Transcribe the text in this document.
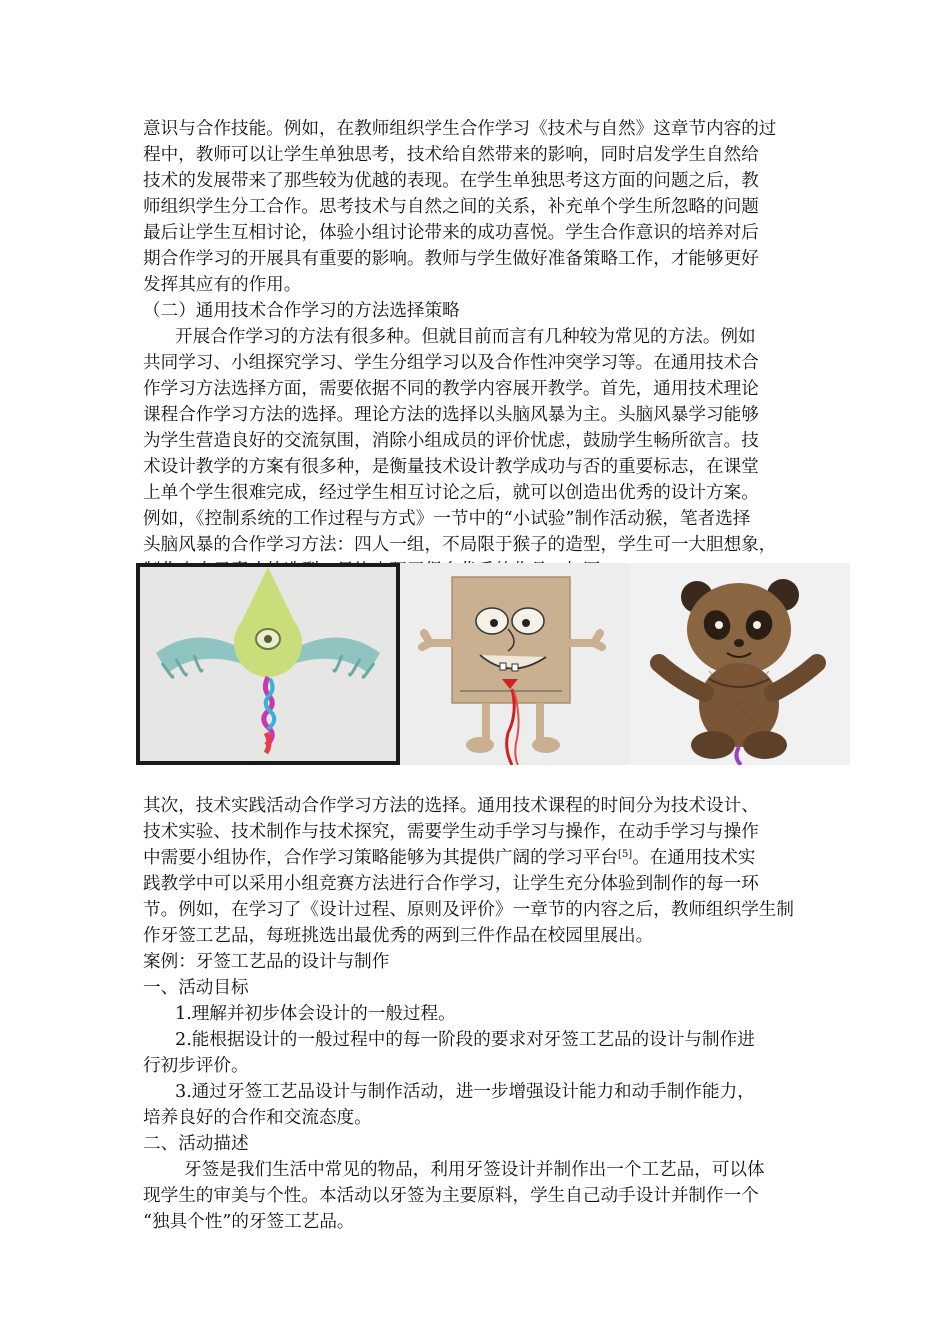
意识与合作技能。例如，在教师组织学生合作学习《技术与自然》这章节内容的过
程中，教师可以让学生单独思考，技术给自然带来的影响，同时启发学生自然给
技术的发展带来了那些较为优越的表现。在学生单独思考这方面的问题之后，教
师组织学生分工合作。思考技术与自然之间的关系，补充单个学生所忽略的问题
最后让学生互相讨论，体验小组讨论带来的成功喜悦。学生合作意识的培养对后
期合作学习的开展具有重要的影响。教师与学生做好准备策略工作，才能够更好
发挥其应有的作用。
（二）通用技术合作学习的方法选择策略
开展合作学习的方法有很多种。但就目前而言有几种较为常见的方法。例如
共同学习、小组探究学习、学生分组学习以及合作性冲突学习等。在通用技术合
作学习方法选择方面，需要依据不同的教学内容展开教学。首先，通用技术理论
课程合作学习方法的选择。理论方法的选择以头脑风暴为主。头脑风暴学习能够
为学生营造良好的交流氛围，消除小组成员的评价忧虑，鼓励学生畅所欲言。技
术设计教学的方案有很多种，是衡量技术设计教学成功与否的重要标志，在课堂
上单个学生很难完成，经过学生相互讨论之后，就可以创造出优秀的设计方案。
例如，《控制系统的工作过程与方式》一节中的“小试验”制作活动猴，笔者选择
头脑风暴的合作学习方法：四人一组，不局限于猴子的造型，学生可一大胆想象，
其次，技术实践活动合作学习方法的选择。通用技术课程的时间分为技术设计、
技术实验、技术制作与技术探究，需要学生动手学习与操作，在动手学习与操作
中需要小组协作，合作学习策略能够为其提供广阔的学习平台[5]。在通用技术实
践教学中可以采用小组竞赛方法进行合作学习，让学生充分体验到制作的每一环
节。例如，在学习了《设计过程、原则及评价》一章节的内容之后，教师组织学生制
作牙签工艺品，每班挑选出最优秀的两到三件作品在校园里展出。
案例：牙签工艺品的设计与制作
一、活动目标
1.理解并初步体会设计的一般过程。
2.能根据设计的一般过程中的每一阶段的要求对牙签工艺品的设计与制作进
行初步评价。
3.通过牙签工艺品设计与制作活动，进一步增强设计能力和动手制作能力，
培养良好的合作和交流态度。
二、活动描述
牙签是我们生活中常见的物品，利用牙签设计并制作出一个工艺品，可以体
现学生的审美与个性。本活动以牙签为主要原料，学生自己动手设计并制作一个
“独具个性”的牙签工艺品。
